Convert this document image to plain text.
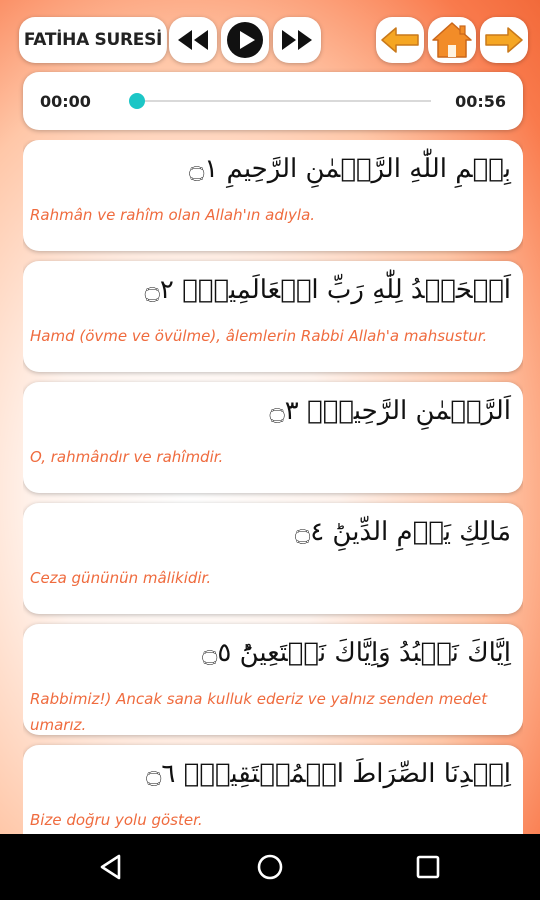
FATİHA SURESİ
00:00	00:56
بِسۡمِ اللّٰهِ الرَّحۡمٰنِ الرَّحِيمِ ۝١
Rahmân ve rahîm olan Allah'ın adıyla.
اَلۡحَمۡدُ لِلّٰهِ رَبِّ الۡعَالَمِينَۙ ۝٢
Hamd (övme ve övülme), âlemlerin Rabbi Allah'a mahsustur.
اَلرَّحۡمٰنِ الرَّحِيمِۙ ۝٣
O, rahmândır ve rahîmdir.
مَالِكِ يَوۡمِ الدِّينِؕ ۝٤
Ceza gününün mâlikidir.
اِيَّاكَ نَعۡبُدُ وَاِيَّاكَ نَسۡتَعِينُؕ ۝٥
Rabbimiz!) Ancak sana kulluk ederiz ve yalnız senden medet umarız.
اِهۡدِنَا الصِّرَاطَ الۡمُسۡتَقِيمَۙ ۝٦
Bize doğru yolu göster.
